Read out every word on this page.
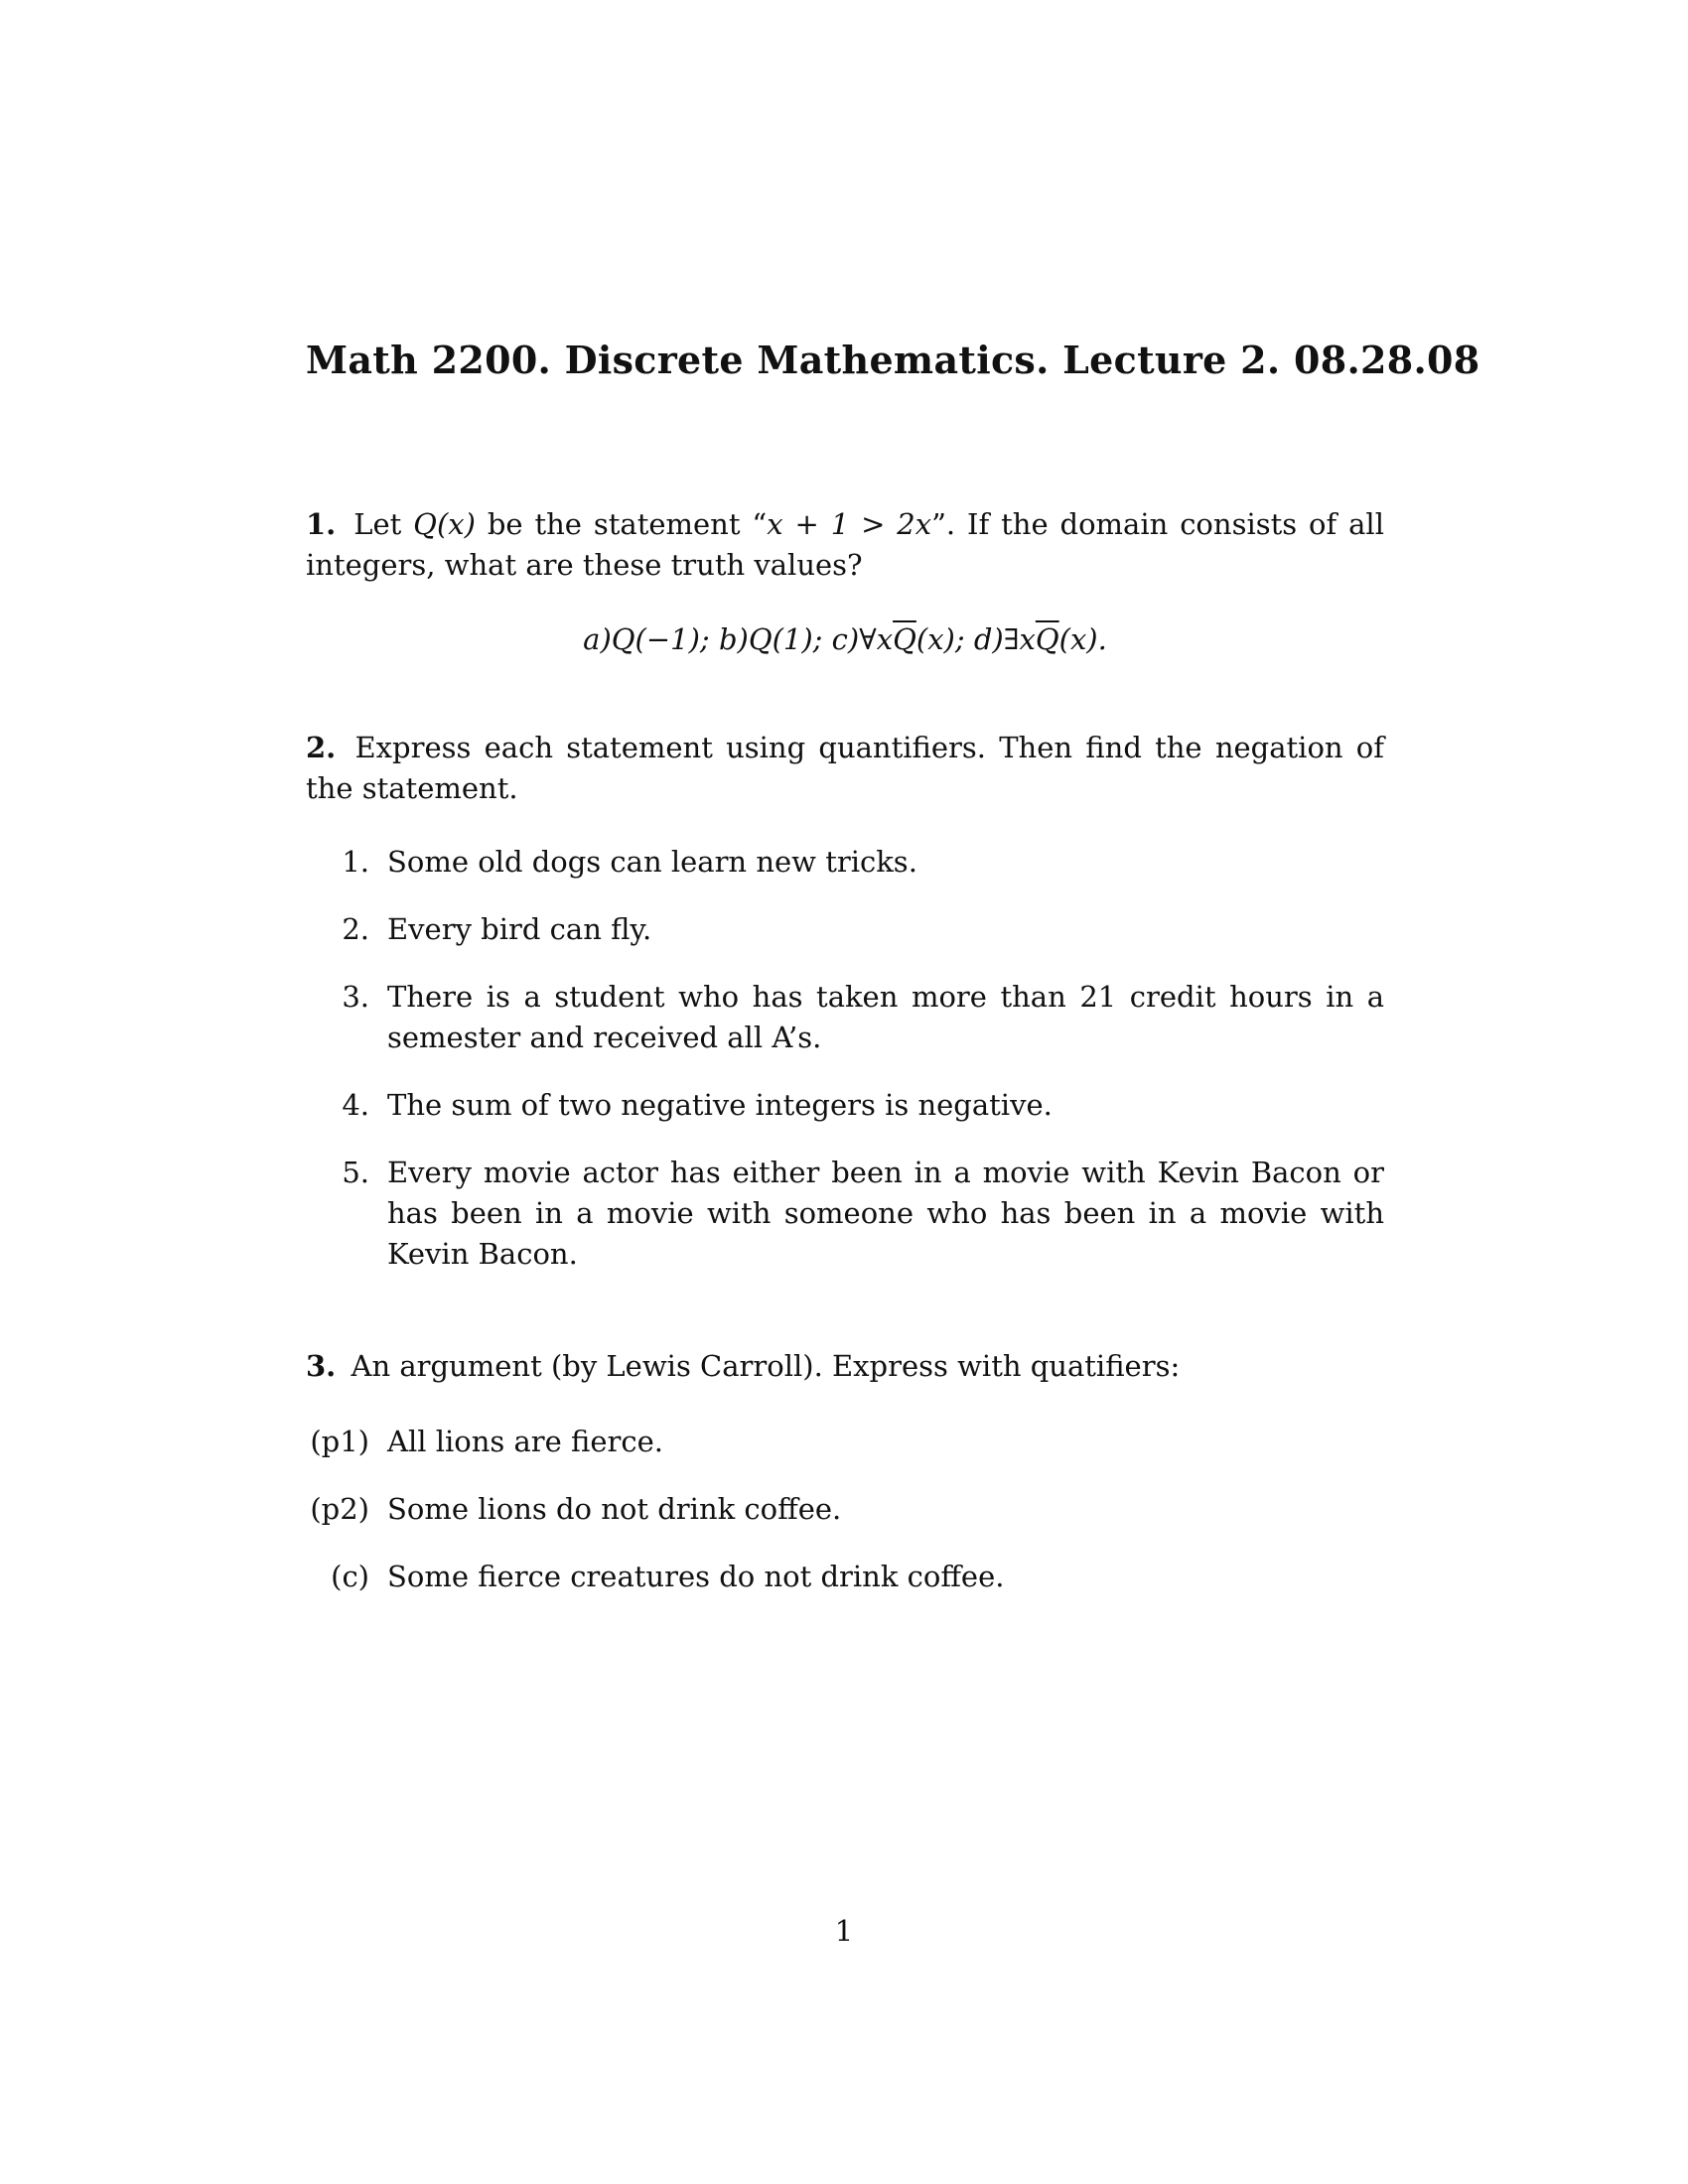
Math 2200. Discrete Mathematics. Lecture 2. 08.28.08
1. Let Q(x) be the statement “x + 1 > 2x”. If the domain consists of all integers, what are these truth values?
a)Q(−1); b)Q(1); $c)\forall x\overline{Q}(x)$; $d)\exists x\overline{Q}(x)$.
2. Express each statement using quantifiers. Then find the negation of the statement.
1. Some old dogs can learn new tricks.
2. Every bird can fly.
3. There is a student who has taken more than 21 credit hours in a semester and received all A’s.
4. The sum of two negative integers is negative.
5. Every movie actor has either been in a movie with Kevin Bacon or has been in a movie with someone who has been in a movie with Kevin Bacon.
3. An argument (by Lewis Carroll). Express with quatifiers:
(p1) All lions are fierce.
(p2) Some lions do not drink coffee.
(c) Some fierce creatures do not drink coffee.
1
